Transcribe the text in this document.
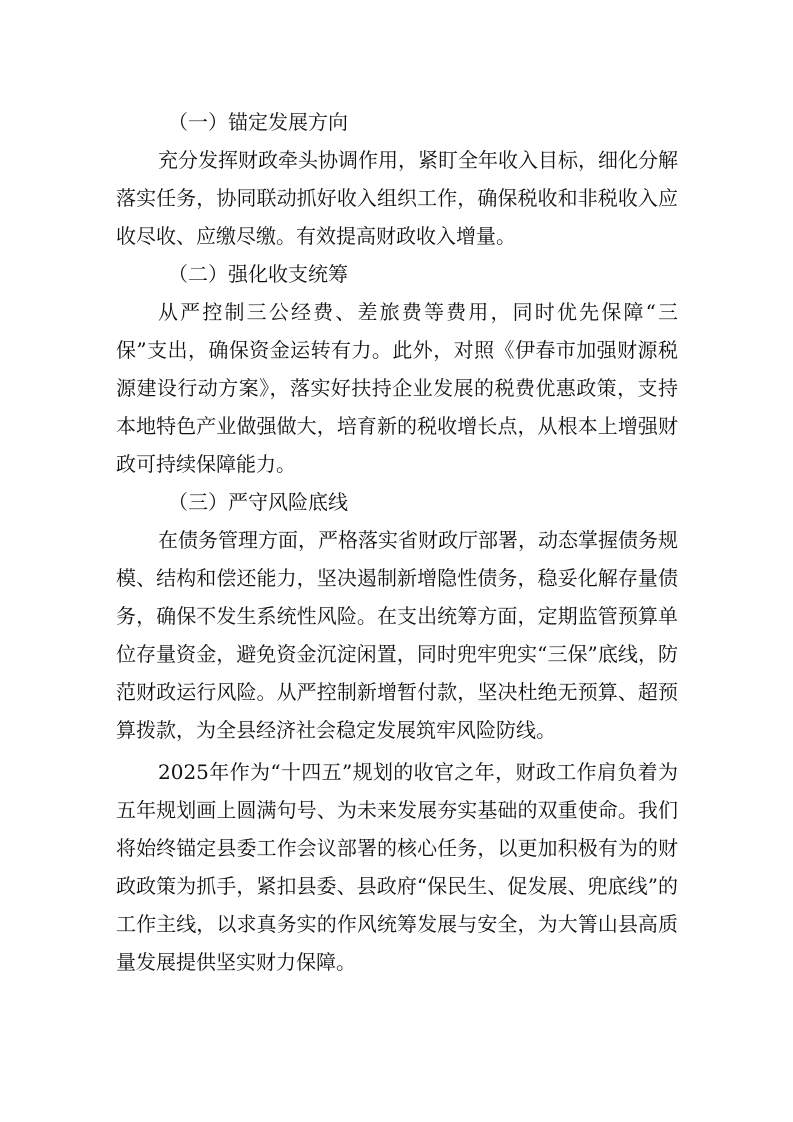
（一）锚定发展方向

充分发挥财政牵头协调作用，紧盯全年收入目标，细化分解落实任务，协同联动抓好收入组织工作，确保税收和非税收入应收尽收、应缴尽缴。有效提高财政收入增量。

（二）强化收支统筹

从严控制三公经费、差旅费等费用，同时优先保障“三保”支出，确保资金运转有力。此外，对照《伊春市加强财源税源建设行动方案》，落实好扶持企业发展的税费优惠政策，支持本地特色产业做强做大，培育新的税收增长点，从根本上增强财政可持续保障能力。

（三）严守风险底线

在债务管理方面，严格落实省财政厅部署，动态掌握债务规模、结构和偿还能力，坚决遏制新增隐性债务，稳妥化解存量债务，确保不发生系统性风险。在支出统筹方面，定期监管预算单位存量资金，避免资金沉淀闲置，同时兜牢兜实“三保”底线，防范财政运行风险。从严控制新增暂付款，坚决杜绝无预算、超预算拨款，为全县经济社会稳定发展筑牢风险防线。

2025年作为“十四五”规划的收官之年，财政工作肩负着为五年规划画上圆满句号、为未来发展夯实基础的双重使命。我们将始终锚定县委工作会议部署的核心任务，以更加积极有为的财政政策为抓手，紧扣县委、县政府“保民生、促发展、兜底线”的工作主线，以求真务实的作风统筹发展与安全，为大箐山县高质量发展提供坚实财力保障。
